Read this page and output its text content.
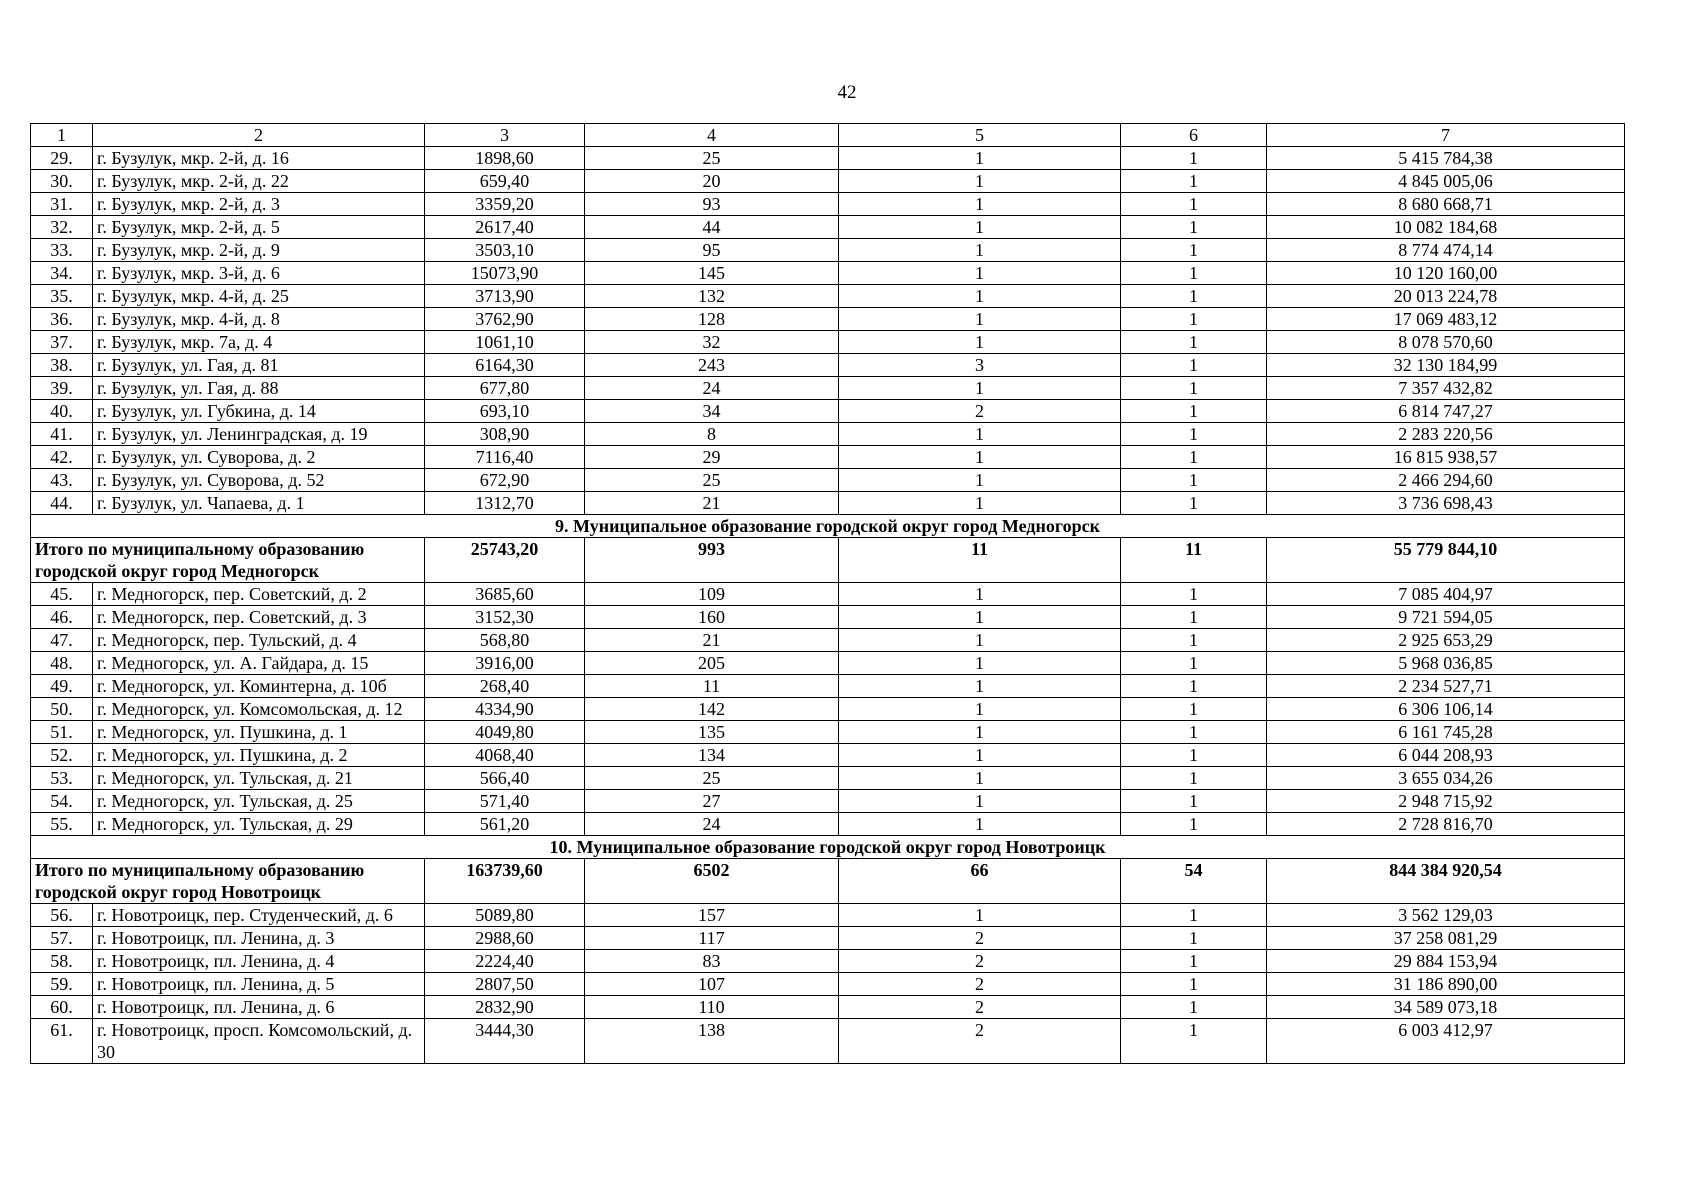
42
1	2	3	4	5	6	7
29.	г. Бузулук, мкр. 2-й, д. 16	1898,60	25	1	1	5 415 784,38
30.	г. Бузулук, мкр. 2-й, д. 22	659,40	20	1	1	4 845 005,06
31.	г. Бузулук, мкр. 2-й, д. 3	3359,20	93	1	1	8 680 668,71
32.	г. Бузулук, мкр. 2-й, д. 5	2617,40	44	1	1	10 082 184,68
33.	г. Бузулук, мкр. 2-й, д. 9	3503,10	95	1	1	8 774 474,14
34.	г. Бузулук, мкр. 3-й, д. 6	15073,90	145	1	1	10 120 160,00
35.	г. Бузулук, мкр. 4-й, д. 25	3713,90	132	1	1	20 013 224,78
36.	г. Бузулук, мкр. 4-й, д. 8	3762,90	128	1	1	17 069 483,12
37.	г. Бузулук, мкр. 7а, д. 4	1061,10	32	1	1	8 078 570,60
38.	г. Бузулук, ул. Гая, д. 81	6164,30	243	3	1	32 130 184,99
39.	г. Бузулук, ул. Гая, д. 88	677,80	24	1	1	7 357 432,82
40.	г. Бузулук, ул. Губкина, д. 14	693,10	34	2	1	6 814 747,27
41.	г. Бузулук, ул. Ленинградская, д. 19	308,90	8	1	1	2 283 220,56
42.	г. Бузулук, ул. Суворова, д. 2	7116,40	29	1	1	16 815 938,57
43.	г. Бузулук, ул. Суворова, д. 52	672,90	25	1	1	2 466 294,60
44.	г. Бузулук, ул. Чапаева, д. 1	1312,70	21	1	1	3 736 698,43
9. Муниципальное образование городской округ город Медногорск						
Итого по муниципальному образованию городской округ город Медногорск		25743,20	993	11	11	55 779 844,10
45.	г. Медногорск, пер. Советский, д. 2	3685,60	109	1	1	7 085 404,97
46.	г. Медногорск, пер. Советский, д. 3	3152,30	160	1	1	9 721 594,05
47.	г. Медногорск, пер. Тульский, д. 4	568,80	21	1	1	2 925 653,29
48.	г. Медногорск, ул. А. Гайдара, д. 15	3916,00	205	1	1	5 968 036,85
49.	г. Медногорск, ул. Коминтерна, д. 10б	268,40	11	1	1	2 234 527,71
50.	г. Медногорск, ул. Комсомольская, д. 12	4334,90	142	1	1	6 306 106,14
51.	г. Медногорск, ул. Пушкина, д. 1	4049,80	135	1	1	6 161 745,28
52.	г. Медногорск, ул. Пушкина, д. 2	4068,40	134	1	1	6 044 208,93
53.	г. Медногорск, ул. Тульская, д. 21	566,40	25	1	1	3 655 034,26
54.	г. Медногорск, ул. Тульская, д. 25	571,40	27	1	1	2 948 715,92
55.	г. Медногорск, ул. Тульская, д. 29	561,20	24	1	1	2 728 816,70
10. Муниципальное образование городской округ город Новотроицк						
Итого по муниципальному образованию городской округ город Новотроицк		163739,60	6502	66	54	844 384 920,54
56.	г. Новотроицк, пер. Студенческий, д. 6	5089,80	157	1	1	3 562 129,03
57.	г. Новотроицк, пл. Ленина, д. 3	2988,60	117	2	1	37 258 081,29
58.	г. Новотроицк, пл. Ленина, д. 4	2224,40	83	2	1	29 884 153,94
59.	г. Новотроицк, пл. Ленина, д. 5	2807,50	107	2	1	31 186 890,00
60.	г. Новотроицк, пл. Ленина, д. 6	2832,90	110	2	1	34 589 073,18
61.	г. Новотроицк, просп. Комсомольский, д. 30	3444,30	138	2	1	6 003 412,97
